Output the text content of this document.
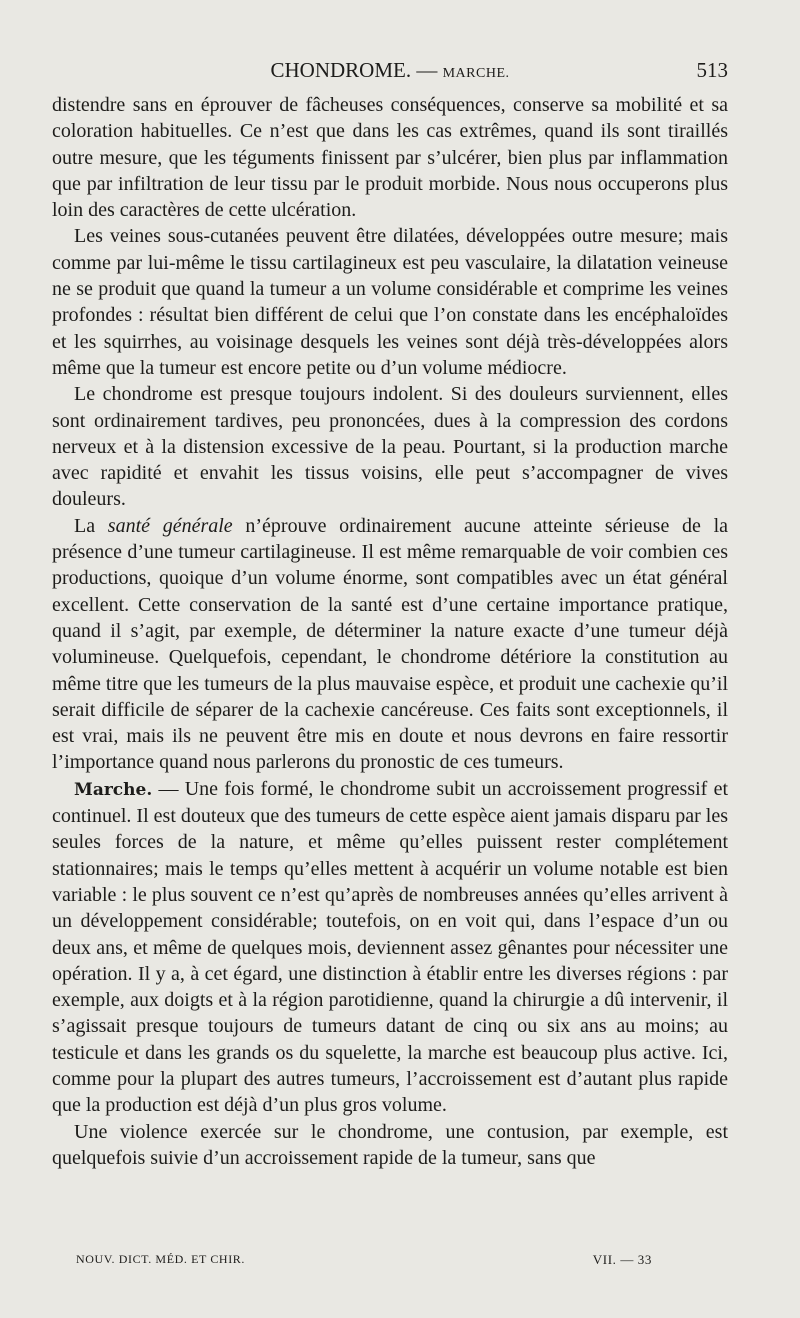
CHONDROME. — MARCHE.	513

distendre sans en éprouver de fâcheuses conséquences, conserve sa mobilité et sa coloration habituelles. Ce n’est que dans les cas extrêmes, quand ils sont tiraillés outre mesure, que les téguments finissent par s’ulcérer, bien plus par inflammation que par infiltration de leur tissu par le produit morbide. Nous nous occuperons plus loin des caractères de cette ulcération.

Les veines sous-cutanées peuvent être dilatées, développées outre mesure; mais comme par lui-même le tissu cartilagineux est peu vasculaire, la dilatation veineuse ne se produit que quand la tumeur a un volume considérable et comprime les veines profondes : résultat bien différent de celui que l’on constate dans les encéphaloïdes et les squirrhes, au voisinage desquels les veines sont déjà très-développées alors même que la tumeur est encore petite ou d’un volume médiocre.

Le chondrome est presque toujours indolent. Si des douleurs surviennent, elles sont ordinairement tardives, peu prononcées, dues à la compression des cordons nerveux et à la distension excessive de la peau. Pourtant, si la production marche avec rapidité et envahit les tissus voisins, elle peut s’accompagner de vives douleurs.

La santé générale n’éprouve ordinairement aucune atteinte sérieuse de la présence d’une tumeur cartilagineuse. Il est même remarquable de voir combien ces productions, quoique d’un volume énorme, sont compatibles avec un état général excellent. Cette conservation de la santé est d’une certaine importance pratique, quand il s’agit, par exemple, de déterminer la nature exacte d’une tumeur déjà volumineuse. Quelquefois, cependant, le chondrome détériore la constitution au même titre que les tumeurs de la plus mauvaise espèce, et produit une cachexie qu’il serait difficile de séparer de la cachexie cancéreuse. Ces faits sont exceptionnels, il est vrai, mais ils ne peuvent être mis en doute et nous devrons en faire ressortir l’importance quand nous parlerons du pronostic de ces tumeurs.

Marche. — Une fois formé, le chondrome subit un accroissement progressif et continuel. Il est douteux que des tumeurs de cette espèce aient jamais disparu par les seules forces de la nature, et même qu’elles puissent rester complétement stationnaires; mais le temps qu’elles mettent à acquérir un volume notable est bien variable : le plus souvent ce n’est qu’après de nombreuses années qu’elles arrivent à un développement considérable; toutefois, on en voit qui, dans l’espace d’un ou deux ans, et même de quelques mois, deviennent assez gênantes pour nécessiter une opération. Il y a, à cet égard, une distinction à établir entre les diverses régions : par exemple, aux doigts et à la région parotidienne, quand la chirurgie a dû intervenir, il s’agissait presque toujours de tumeurs datant de cinq ou six ans au moins; au testicule et dans les grands os du squelette, la marche est beaucoup plus active. Ici, comme pour la plupart des autres tumeurs, l’accroissement est d’autant plus rapide que la production est déjà d’un plus gros volume.

Une violence exercée sur le chondrome, une contusion, par exemple, est quelquefois suivie d’un accroissement rapide de la tumeur, sans que

NOUV. DICT. MÉD. ET CHIR.	VII. — 33
